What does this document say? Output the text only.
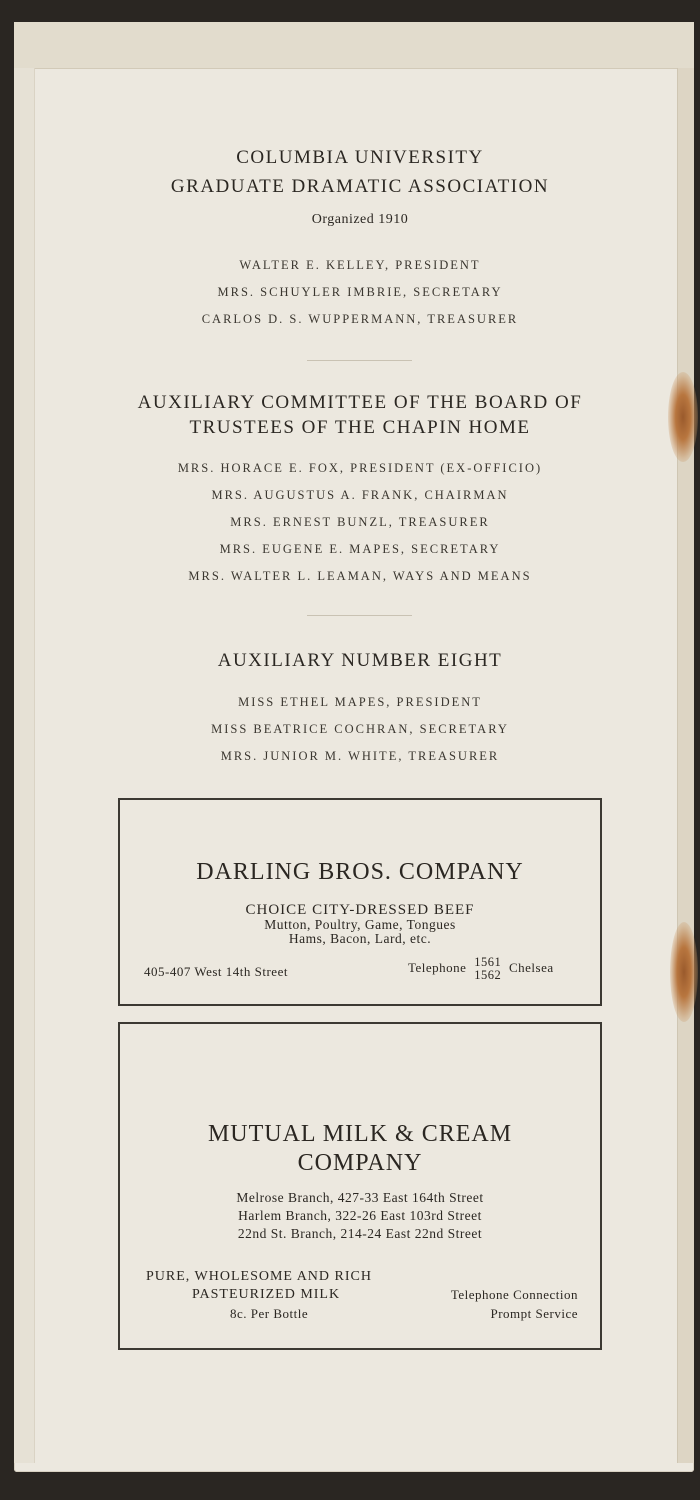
COLUMBIA UNIVERSITY
GRADUATE DRAMATIC ASSOCIATION
Organized 1910
WALTER E. KELLEY, PRESIDENT
MRS. SCHUYLER IMBRIE, SECRETARY
CARLOS D. S. WUPPERMANN, TREASURER
AUXILIARY COMMITTEE OF THE BOARD OF
TRUSTEES OF THE CHAPIN HOME
MRS. HORACE E. FOX, PRESIDENT (EX-OFFICIO)
MRS. AUGUSTUS A. FRANK, CHAIRMAN
MRS. ERNEST BUNZL, TREASURER
MRS. EUGENE E. MAPES, SECRETARY
MRS. WALTER L. LEAMAN, WAYS AND MEANS
AUXILIARY NUMBER EIGHT
MISS ETHEL MAPES, PRESIDENT
MISS BEATRICE COCHRAN, SECRETARY
MRS. JUNIOR M. WHITE, TREASURER
DARLING BROS. COMPANY
CHOICE CITY-DRESSED BEEF
Mutton, Poultry, Game, Tongues
Hams, Bacon, Lard, etc.
405-407 West 14th Street	Telephone 1561
1562
Chelsea
MUTUAL MILK & CREAM
COMPANY
Melrose Branch, 427-33 East 164th Street
Harlem Branch, 322-26 East 103rd Street
22nd St. Branch, 214-24 East 22nd Street
PURE, WHOLESOME AND RICH
PASTEURIZED MILK
8c. Per Bottle
Telephone Connection
Prompt Service
